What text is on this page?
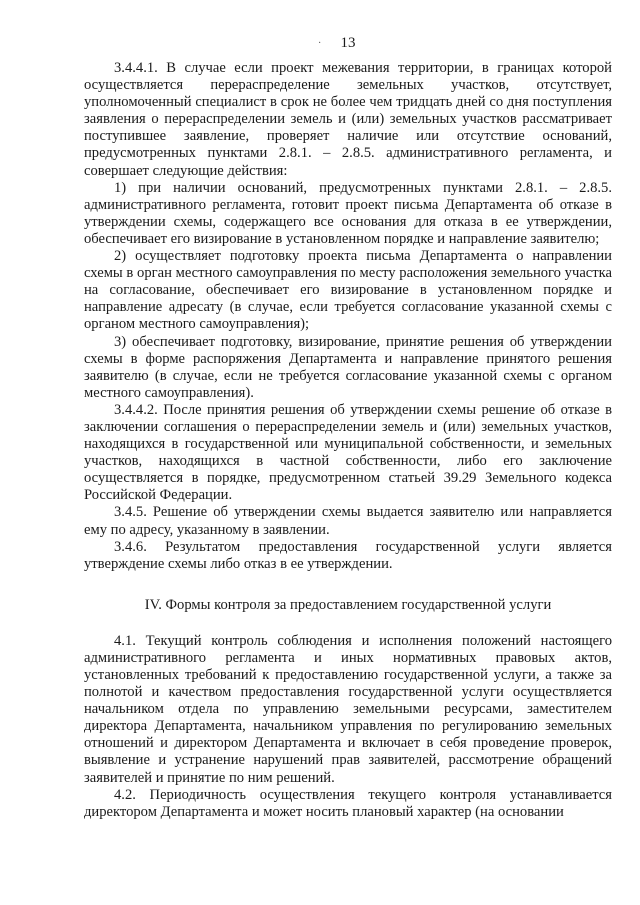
·	13

3.4.4.1. В случае если проект межевания территории, в границах которой осуществляется перераспределение земельных участков, отсутствует, уполномоченный специалист в срок не более чем тридцать дней со дня поступления заявления о перераспределении земель и (или) земельных участков рассматривает поступившее заявление, проверяет наличие или отсутствие оснований, предусмотренных пунктами 2.8.1. – 2.8.5. административного регламента, и совершает следующие действия:

1) при наличии оснований, предусмотренных пунктами 2.8.1. – 2.8.5. административного регламента, готовит проект письма Департамента об отказе в утверждении схемы, содержащего все основания для отказа в ее утверждении, обеспечивает его визирование в установленном порядке и направление заявителю;

2) осуществляет подготовку проекта письма Департамента о направлении схемы в орган местного самоуправления по месту расположения земельного участка на согласование, обеспечивает его визирование в установленном порядке и направление адресату (в случае, если требуется согласование указанной схемы с органом местного самоуправления);

3) обеспечивает подготовку, визирование, принятие решения об утверждении схемы в форме распоряжения Департамента и направление принятого решения заявителю (в случае, если не требуется согласование указанной схемы с органом местного самоуправления).

3.4.4.2. После принятия решения об утверждении схемы решение об отказе в заключении соглашения о перераспределении земель и (или) земельных участков, находящихся в государственной или муниципальной собственности, и земельных участков, находящихся в частной собственности, либо его заключение осуществляется в порядке, предусмотренном статьей 39.29 Земельного кодекса Российской Федерации.

3.4.5. Решение об утверждении схемы выдается заявителю или направляется ему по адресу, указанному в заявлении.

3.4.6. Результатом предоставления государственной услуги является утверждение схемы либо отказ в ее утверждении.

IV. Формы контроля за предоставлением государственной услуги

4.1. Текущий контроль соблюдения и исполнения положений настоящего административного регламента и иных нормативных правовых актов, установленных требований к предоставлению государственной услуги, а также за полнотой и качеством предоставления государственной услуги осуществляется начальником отдела по управлению земельными ресурсами, заместителем директора Департамента, начальником управления по регулированию земельных отношений и директором Департамента и включает в себя проведение проверок, выявление и устранение нарушений прав заявителей, рассмотрение обращений заявителей и принятие по ним решений.

4.2. Периодичность осуществления текущего контроля устанавливается директором Департамента и может носить плановый характер (на основании
